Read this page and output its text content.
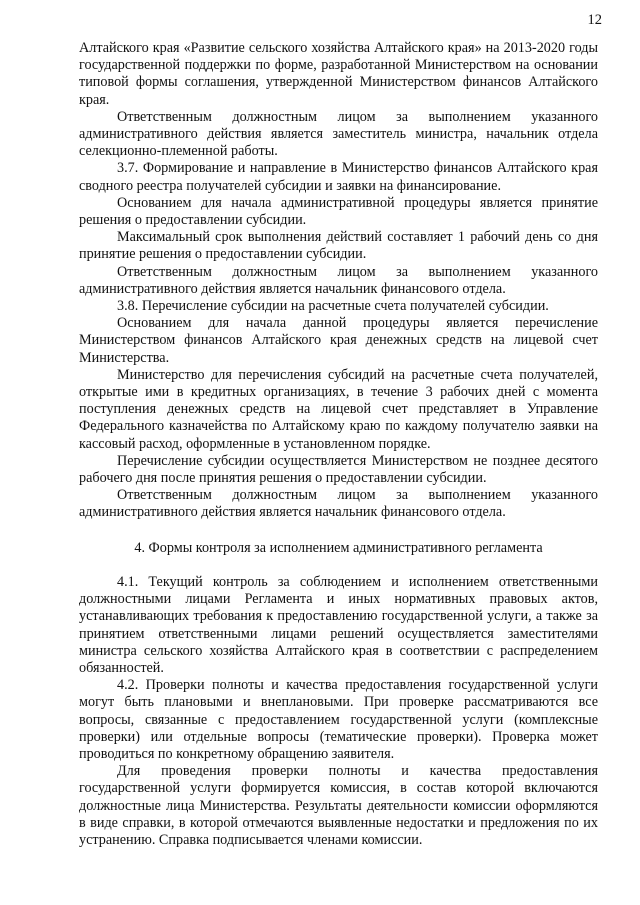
12

Алтайского края «Развитие сельского хозяйства Алтайского края» на 2013-2020 годы государственной поддержки по форме, разработанной Министерством на основании типовой формы соглашения, утвержденной Министерством финансов Алтайского края.

Ответственным должностным лицом за выполнением указанного административного действия является заместитель министра, начальник отдела селекционно-племенной работы.

3.7. Формирование и направление в Министерство финансов Алтайского края сводного реестра получателей субсидии и заявки на финансирование.

Основанием для начала административной процедуры является принятие решения о предоставлении субсидии.

Максимальный срок выполнения действий составляет 1 рабочий день со дня принятие решения о предоставлении субсидии.

Ответственным должностным лицом за выполнением указанного административного действия является начальник финансового отдела.

3.8. Перечисление субсидии на расчетные счета получателей субсидии.

Основанием для начала данной процедуры является перечисление Министерством финансов Алтайского края денежных средств на лицевой счет Министерства.

Министерство для перечисления субсидий на расчетные счета получателей, открытые ими в кредитных организациях, в течение 3 рабочих дней с момента поступления денежных средств на лицевой счет представляет в Управление Федерального казначейства по Алтайскому краю по каждому получателю заявки на кассовый расход, оформленные в установленном порядке.

Перечисление субсидии осуществляется Министерством не позднее десятого рабочего дня после принятия решения о предоставлении субсидии.

Ответственным должностным лицом за выполнением указанного административного действия является начальник финансового отдела.

4. Формы контроля за исполнением административного регламента

4.1. Текущий контроль за соблюдением и исполнением ответственными должностными лицами Регламента и иных нормативных правовых актов, устанавливающих требования к предоставлению государственной услуги, а также за принятием ответственными лицами решений осуществляется заместителями министра сельского хозяйства Алтайского края в соответствии с распределением обязанностей.

4.2. Проверки полноты и качества предоставления государственной услуги могут быть плановыми и внеплановыми. При проверке рассматриваются все вопросы, связанные с предоставлением государственной услуги (комплексные проверки) или отдельные вопросы (тематические проверки). Проверка может проводиться по конкретному обращению заявителя.

Для проведения проверки полноты и качества предоставления государственной услуги формируется комиссия, в состав которой включаются должностные лица Министерства. Результаты деятельности комиссии оформляются в виде справки, в которой отмечаются выявленные недостатки и предложения по их устранению. Справка подписывается членами комиссии.
